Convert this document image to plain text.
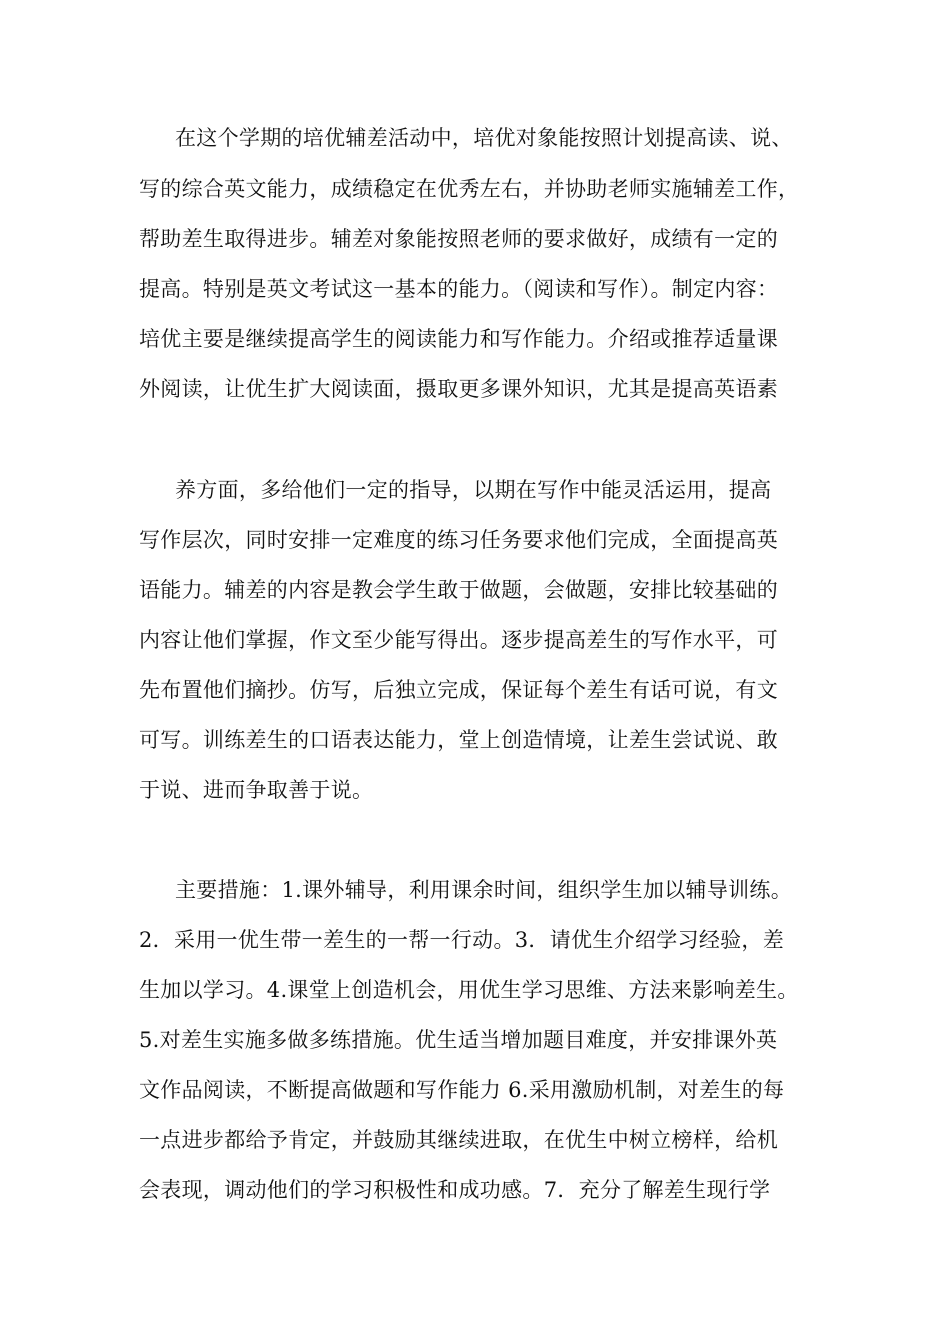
在这个学期的培优辅差活动中，培优对象能按照计划提高读、说、
写的综合英文能力，成绩稳定在优秀左右，并协助老师实施辅差工作，
帮助差生取得进步。辅差对象能按照老师的要求做好，成绩有一定的
提高。特别是英文考试这一基本的能力。（阅读和写作）。制定内容：
培优主要是继续提高学生的阅读能力和写作能力。介绍或推荐适量课
外阅读，让优生扩大阅读面，摄取更多课外知识，尤其是提高英语素
养方面，多给他们一定的指导，以期在写作中能灵活运用，提高
写作层次，同时安排一定难度的练习任务要求他们完成，全面提高英
语能力。辅差的内容是教会学生敢于做题，会做题，安排比较基础的
内容让他们掌握，作文至少能写得出。逐步提高差生的写作水平，可
先布置他们摘抄。仿写，后独立完成，保证每个差生有话可说，有文
可写。训练差生的口语表达能力，堂上创造情境，让差生尝试说、敢
于说、进而争取善于说。
主要措施：1.课外辅导，利用课余时间，组织学生加以辅导训练。
2．采用一优生带一差生的一帮一行动。3．请优生介绍学习经验，差
生加以学习。4.课堂上创造机会，用优生学习思维、方法来影响差生。
5.对差生实施多做多练措施。优生适当增加题目难度，并安排课外英
文作品阅读，不断提高做题和写作能力 6.采用激励机制，对差生的每
一点进步都给予肯定，并鼓励其继续进取，在优生中树立榜样，给机
会表现，调动他们的学习积极性和成功感。7．充分了解差生现行学
